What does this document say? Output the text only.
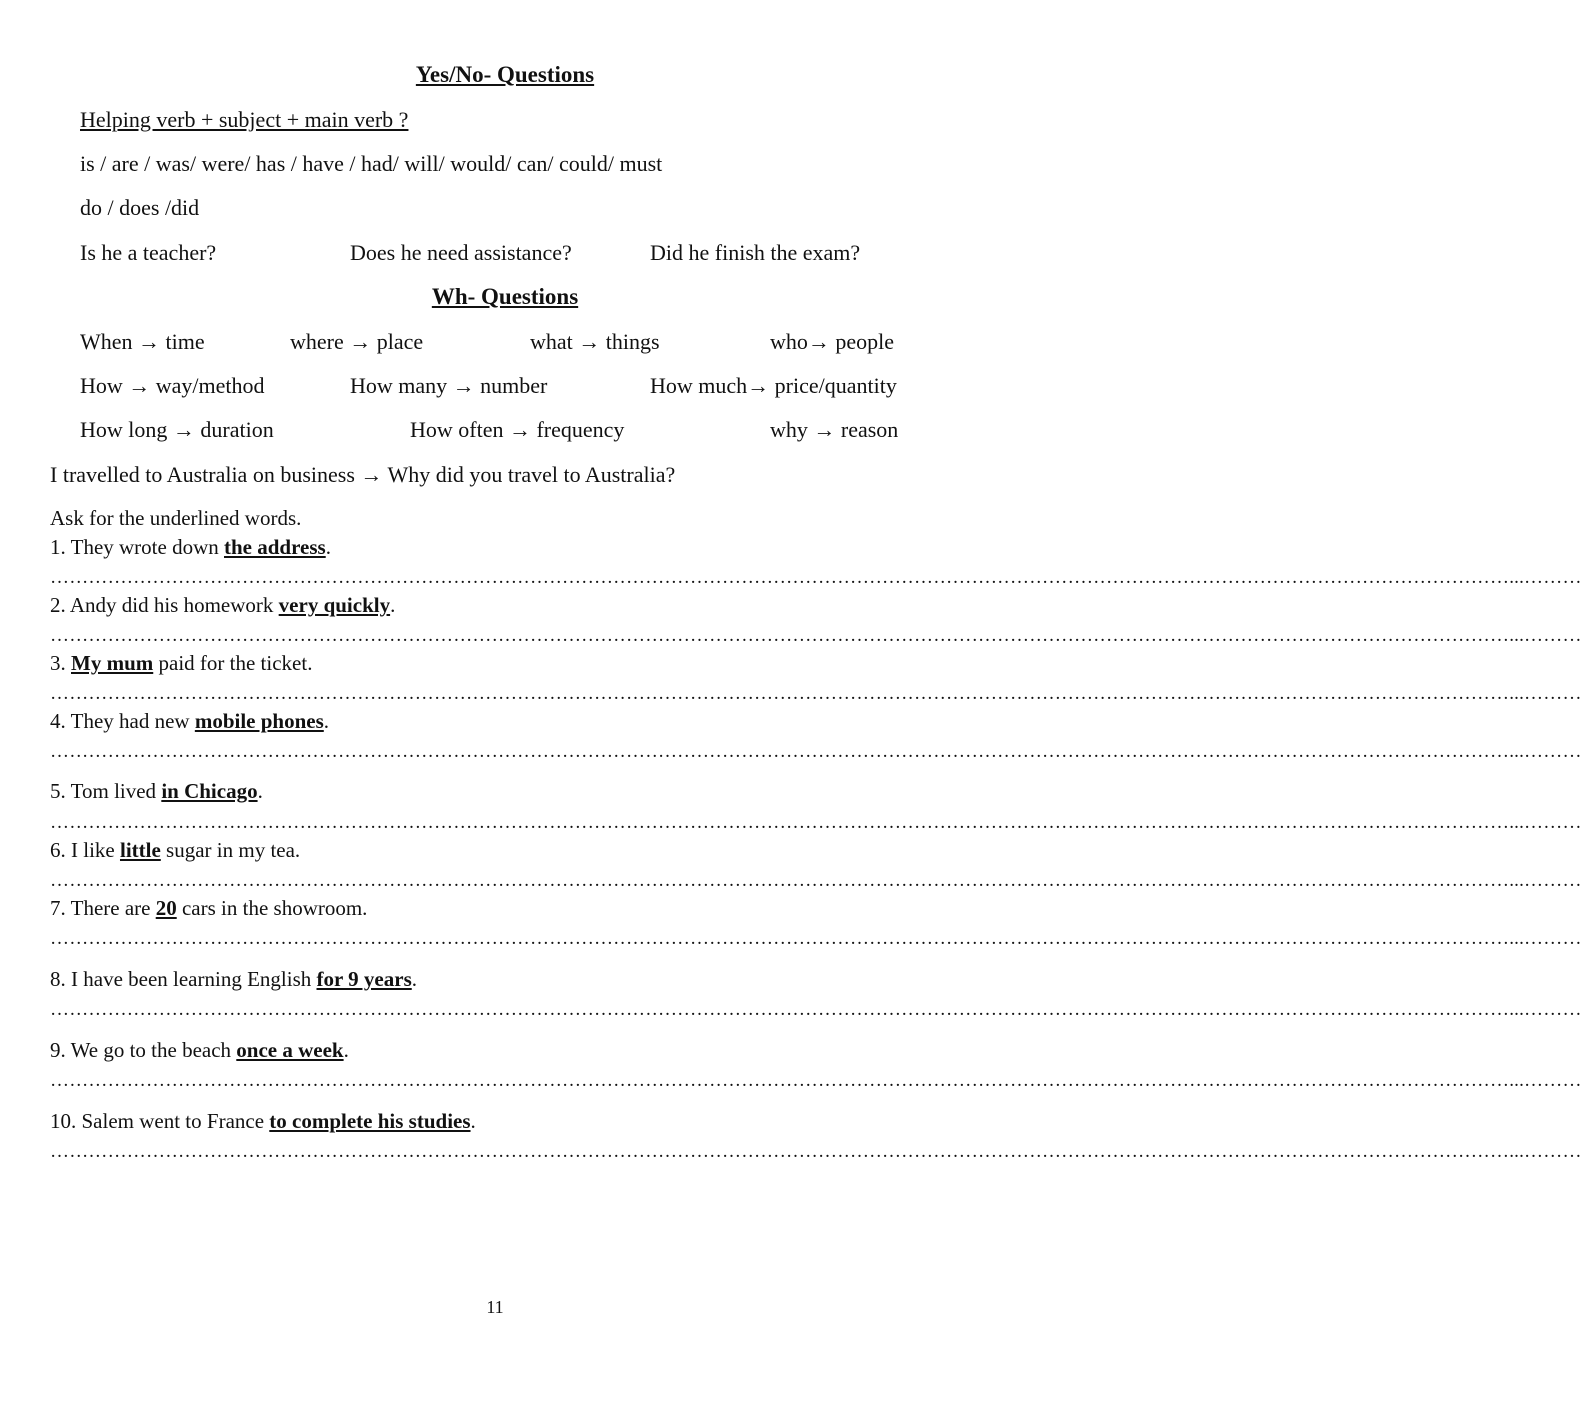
Yes/No- Questions
Helping verb + subject + main verb ?
is / are / was/ were/ has / have / had/ will/ would/ can/ could/ must
do / does /did
Is he a teacher?	Does he need assistance?	Did he finish the exam?
Wh- Questions
When → time	where → place	what → things	who→ people
How → way/method	How many → number	How much→ price/quantity
How long → duration	How often → frequency	why → reason
I travelled to Australia on business → Why did you travel to Australia?
Ask for the underlined words.
1. They wrote down the address.
…………………………………………………………………………………………………………………………………………………………………………………………………………...………
2. Andy did his homework very quickly.
…………………………………………………………………………………………………………………………………………………………………………………………………………...………
3. My mum paid for the ticket.
…………………………………………………………………………………………………………………………………………………………………………………………………………...………
4. They had new mobile phones.
…………………………………………………………………………………………………………………………………………………………………………………………………………...………
5. Tom lived in Chicago.
…………………………………………………………………………………………………………………………………………………………………………………………………………...………
6. I like little sugar in my tea.
…………………………………………………………………………………………………………………………………………………………………………………………………………...………
7. There are 20 cars in the showroom.
…………………………………………………………………………………………………………………………………………………………………………………………………………...………
8. I have been learning English for 9 years.
…………………………………………………………………………………………………………………………………………………………………………………………………………...………
9. We go to the beach once a week.
…………………………………………………………………………………………………………………………………………………………………………………………………………...………
10. Salem went to France to complete his studies.
…………………………………………………………………………………………………………………………………………………………………………………………………………...………
11
